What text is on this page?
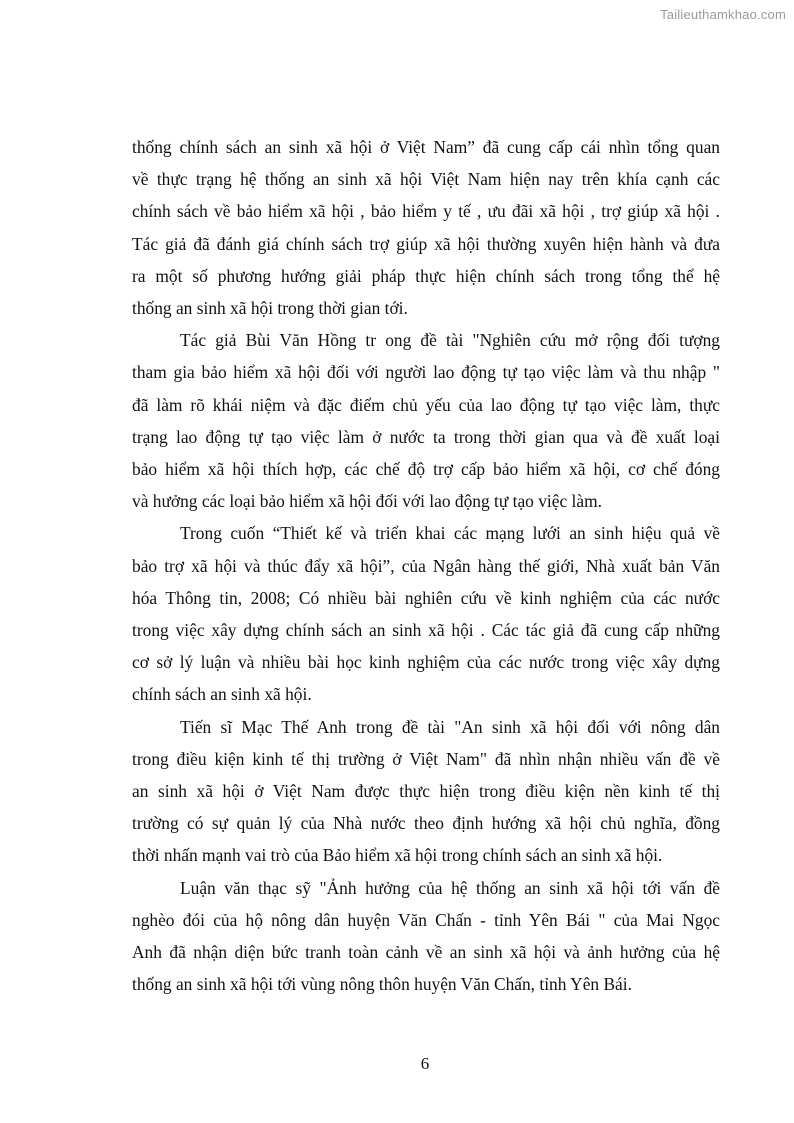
Tailieuthamkhao.com

thống chính sách an sinh xã hội ở Việt Nam” đã cung cấp cái nhìn tổng quan
về thực trạng hệ thống an sinh xã hội Việt Nam hiện nay trên khía cạnh các
chính sách về bảo hiểm xã hội , bảo hiểm y tế , ưu đãi xã hội , trợ giúp xã hội .
Tác giả đã đánh giá chính sách trợ giúp xã hội thường xuyên hiện hành và đưa
ra một số phương hướng giải pháp thực hiện chính sách trong tổng thể hệ
thống an sinh xã hội trong thời gian tới.

Tác giả Bùi Văn Hồng tr ong đề tài "Nghiên cứu mở rộng đối tượng
tham gia bảo hiểm xã hội đối với người lao động tự tạo việc làm và thu nhập "
đã làm rõ khái niệm và đặc điểm chủ yếu của lao động tự tạo việc làm, thực
trạng lao động tự tạo việc làm ở nước ta trong thời gian qua và đề xuất loại
bảo hiểm xã hội thích hợp, các chế độ trợ cấp bảo hiểm xã hội, cơ chế đóng
và hưởng các loại bảo hiểm xã hội đối với lao động tự tạo việc làm.

Trong cuốn “Thiết kế và triển khai các mạng lưới an sinh hiệu quả về
bảo trợ xã hội và thúc đẩy xã hội”, của Ngân hàng thế giới, Nhà xuất bản Văn
hóa Thông tin, 2008; Có nhiều bài nghiên cứu về kinh nghiệm của các nước
trong việc xây dựng chính sách an sinh xã hội . Các tác giả đã cung cấp những
cơ sở lý luận và nhiều bài học kinh nghiệm của các nước trong việc xây dựng
chính sách an sinh xã hội.

Tiến sĩ Mạc Thế Anh trong đề tài "An sinh xã hội đối với nông dân
trong điều kiện kinh tế thị trường ở Việt Nam" đã nhìn nhận nhiều vấn đề về
an sinh xã hội ở Việt Nam được thực hiện trong điều kiện nền kinh tế thị
trường có sự quản lý của Nhà nước theo định hướng xã hội chủ nghĩa, đồng
thời nhấn mạnh vai trò của Bảo hiểm xã hội trong chính sách an sinh xã hội.

Luận văn thạc sỹ "Ảnh hưởng của hệ thống an sinh xã hội tới vấn đề
nghèo đói của hộ nông dân huyện Văn Chấn - tỉnh Yên Bái " của Mai Ngọc
Anh đã nhận diện bức tranh toàn cảnh về an sinh xã hội và ảnh hưởng của hệ
thống an sinh xã hội tới vùng nông thôn huyện Văn Chấn, tỉnh Yên Bái.

6
